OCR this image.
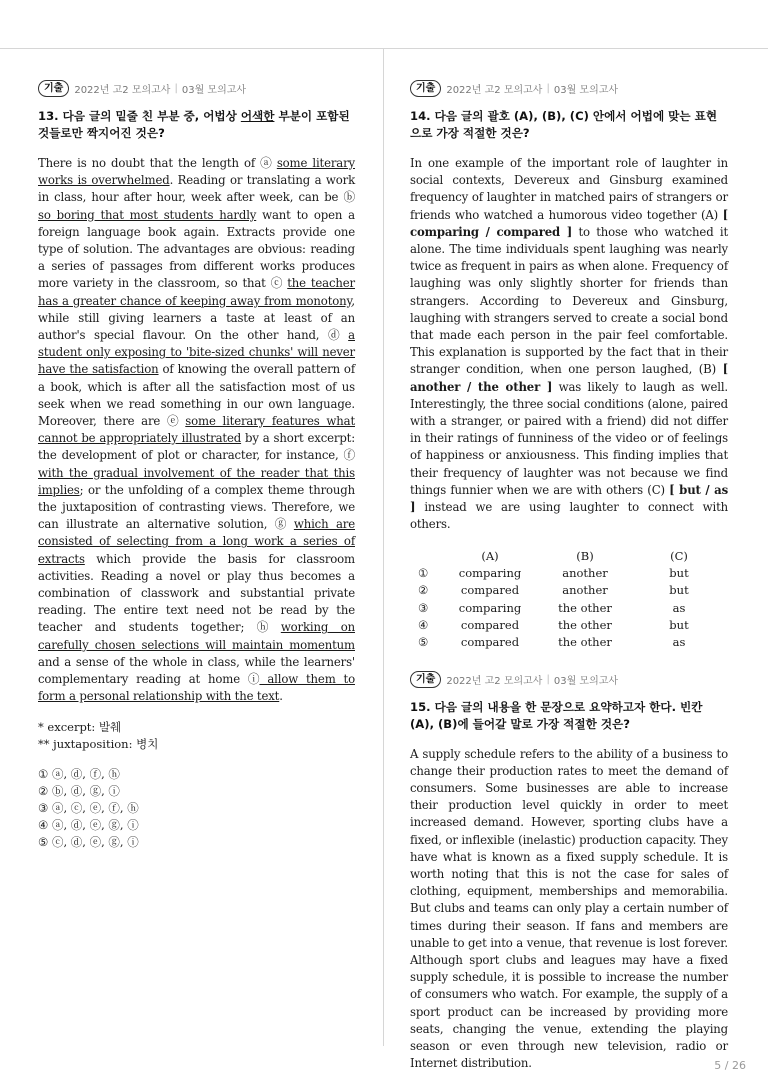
기출	2022년 고2 모의고사 | 03월 모의고사

13. 다음 글의 밑줄 친 부분 중, 어법상 어색한 부분이 포함된 것들로만 짝지어진 것은?

There is no doubt that the length of ⓐ some literary works is overwhelmed. Reading or translating a work in class, hour after hour, week after week, can be ⓑ so boring that most students hardly want to open a foreign language book again. Extracts provide one type of solution. The advantages are obvious: reading a series of passages from different works produces more variety in the classroom, so that ⓒ the teacher has a greater chance of keeping away from monotony, while still giving learners a taste at least of an author's special flavour. On the other hand, ⓓ a student only exposing to 'bite-sized chunks' will never have the satisfaction of knowing the overall pattern of a book, which is after all the satisfaction most of us seek when we read something in our own language. Moreover, there are ⓔ some literary features what cannot be appropriately illustrated by a short excerpt: the development of plot or character, for instance, ⓕ with the gradual involvement of the reader that this implies; or the unfolding of a complex theme through the juxtaposition of contrasting views. Therefore, we can illustrate an alternative solution, ⓖ which are consisted of selecting from a long work a series of extracts which provide the basis for classroom activities. Reading a novel or play thus becomes a combination of classwork and substantial private reading. The entire text need not be read by the teacher and students together; ⓗ working on carefully chosen selections will maintain momentum and a sense of the whole in class, while the learners' complementary reading at home ⓘ allow them to form a personal relationship with the text.

* excerpt: 발췌
** juxtaposition: 병치
① ⓐ, ⓓ, ⓕ, ⓗ
② ⓑ, ⓓ, ⓖ, ⓘ
③ ⓐ, ⓒ, ⓔ, ⓕ, ⓗ
④ ⓐ, ⓓ, ⓔ, ⓖ, ⓘ
⑤ ⓒ, ⓓ, ⓔ, ⓖ, ⓘ
기출	2022년 고2 모의고사 | 03월 모의고사

14. 다음 글의 괄호 (A), (B), (C) 안에서 어법에 맞는 표현으로 가장 적절한 것은?

In one example of the important role of laughter in social contexts, Devereux and Ginsburg examined frequency of laughter in matched pairs of strangers or friends who watched a humorous video together (A) [ comparing / compared ] to those who watched it alone. The time individuals spent laughing was nearly twice as frequent in pairs as when alone. Frequency of laughing was only slightly shorter for friends than strangers. According to Devereux and Ginsburg, laughing with strangers served to create a social bond that made each person in the pair feel comfortable. This explanation is supported by the fact that in their stranger condition, when one person laughed, (B) [ another / the other ] was likely to laugh as well. Interestingly, the three social conditions (alone, paired with a stranger, or paired with a friend) did not differ in their ratings of funniness of the video or of feelings of happiness or anxiousness. This finding implies that their frequency of laughter was not because we find things funnier when we are with others (C) [ but / as ] instead we are using laughter to connect with others.

	(A)	(B)	(C)
①	comparing	another	but
②	compared	another	but
③	comparing	the other	as
④	compared	the other	but
⑤	compared	the other	as
기출	2022년 고2 모의고사 | 03월 모의고사

15. 다음 글의 내용을 한 문장으로 요약하고자 한다. 빈칸 (A), (B)에 들어갈 말로 가장 적절한 것은?

A supply schedule refers to the ability of a business to change their production rates to meet the demand of consumers. Some businesses are able to increase their production level quickly in order to meet increased demand. However, sporting clubs have a fixed, or inflexible (inelastic) production capacity. They have what is known as a fixed supply schedule. It is worth noting that this is not the case for sales of clothing, equipment, memberships and memorabilia. But clubs and teams can only play a certain number of times during their season. If fans and members are unable to get into a venue, that revenue is lost forever. Although sport clubs and leagues may have a fixed supply schedule, it is possible to increase the number of consumers who watch. For example, the supply of a sport product can be increased by providing more seats, changing the venue, extending the playing season or even through new television, radio or Internet distribution.	5 / 26
